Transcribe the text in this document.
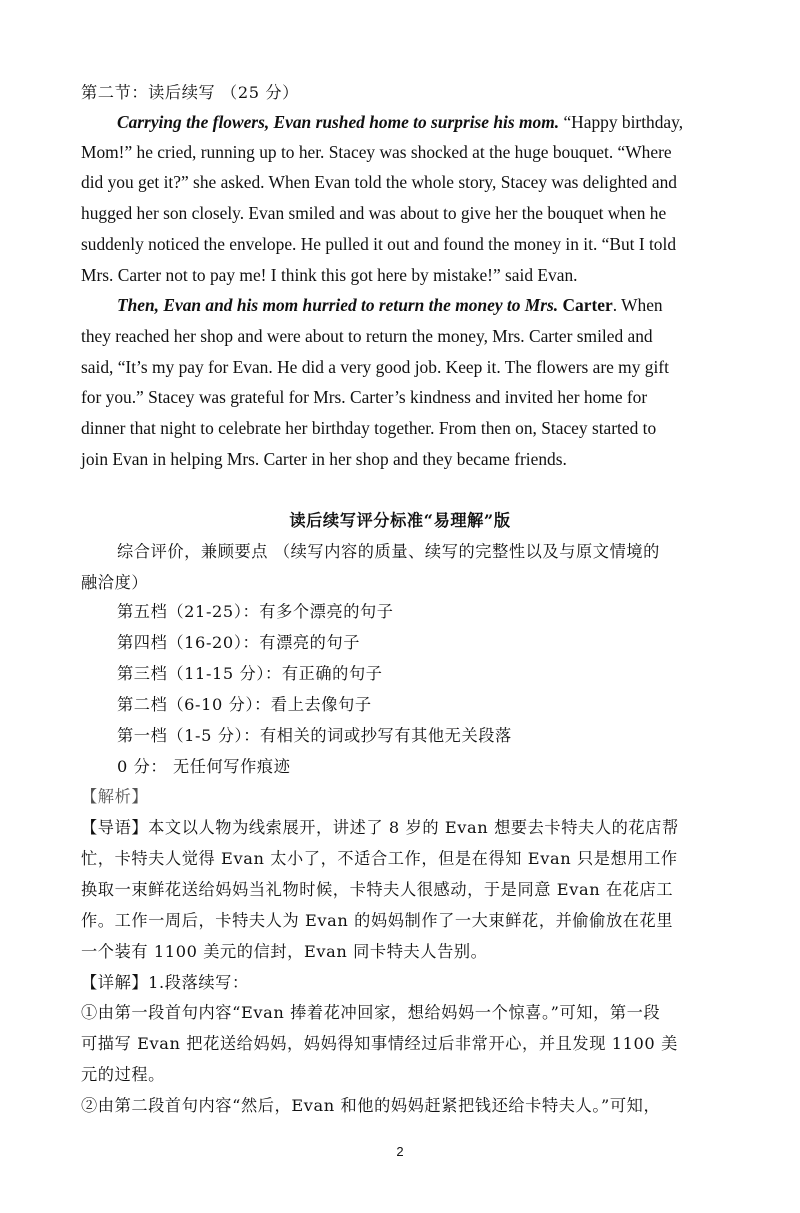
第二节：读后续写 （25 分）
Carrying the flowers, Evan rushed home to surprise his mom. “Happy birthday,
Mom!” he cried, running up to her. Stacey was shocked at the huge bouquet. “Where
did you get it?” she asked. When Evan told the whole story, Stacey was delighted and
hugged her son closely. Evan smiled and was about to give her the bouquet when he
suddenly noticed the envelope. He pulled it out and found the money in it. “But I told
Mrs. Carter not to pay me! I think this got here by mistake!” said Evan.
Then, Evan and his mom hurried to return the money to Mrs. Carter. When
they reached her shop and were about to return the money, Mrs. Carter smiled and
said, “It’s my pay for Evan. He did a very good job. Keep it. The flowers are my gift
for you.” Stacey was grateful for Mrs. Carter’s kindness and invited her home for
dinner that night to celebrate her birthday together. From then on, Stacey started to
join Evan in helping Mrs. Carter in her shop and they became friends.
读后续写评分标准“易理解”版
综合评价，兼顾要点 （续写内容的质量、续写的完整性以及与原文情境的
融洽度）
第五档（21-25）：有多个漂亮的句子
第四档（16-20）：有漂亮的句子
第三档（11-15 分）：有正确的句子
第二档（6-10 分）：看上去像句子
第一档（1-5 分）：有相关的词或抄写有其他无关段落
0 分： 无任何写作痕迹
【解析】
【导语】本文以人物为线索展开，讲述了 8 岁的 Evan 想要去卡特夫人的花店帮
忙，卡特夫人觉得 Evan 太小了，不适合工作，但是在得知 Evan 只是想用工作
换取一束鲜花送给妈妈当礼物时候，卡特夫人很感动，于是同意 Evan 在花店工
作。工作一周后，卡特夫人为 Evan 的妈妈制作了一大束鲜花，并偷偷放在花里
一个装有 1100 美元的信封，Evan 同卡特夫人告别。
【详解】1.段落续写：
①由第一段首句内容“Evan 捧着花冲回家，想给妈妈一个惊喜。”可知，第一段
可描写 Evan 把花送给妈妈，妈妈得知事情经过后非常开心，并且发现 1100 美
元的过程。
②由第二段首句内容“然后，Evan 和他的妈妈赶紧把钱还给卡特夫人。”可知，
2
